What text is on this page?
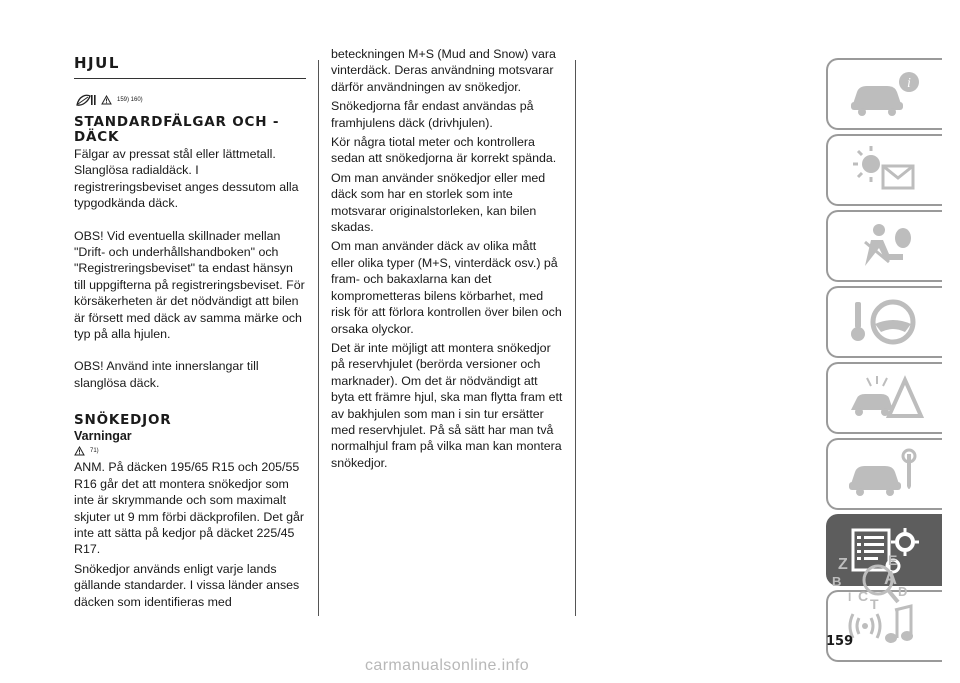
HJUL
159) 160)
STANDARDFÄLGAR OCH -DÄCK

Fälgar av pressat stål eller lättmetall. Slanglösa radialdäck. I registreringsbeviset anges dessutom alla typgodkända däck.

OBS! Vid eventuella skillnader mellan "Drift- och underhållshandboken" och "Registreringsbeviset" ta endast hänsyn till uppgifterna på registreringsbeviset. För körsäkerheten är det nödvändigt att bilen är försett med däck av samma märke och typ på alla hjulen.

OBS! Använd inte innerslangar till slanglösa däck.

SNÖKEDJOR
Varningar
71)

ANM. På däcken 195/65 R15 och 205/55 R16 går det att montera snökedjor som inte är skrymmande och som maximalt skjuter ut 9 mm förbi däckprofilen. Det går inte att sätta på kedjor på däcket 225/45 R17.

Snökedjor används enligt varje lands gällande standarder. I vissa länder anses däcken som identifieras med

beteckningen M+S (Mud and Snow) vara vinterdäck. Deras användning motsvarar därför användningen av snökedjor.

Snökedjorna får endast användas på framhjulens däck (drivhjulen).

Kör några tiotal meter och kontrollera sedan att snökedjorna är korrekt spända.

Om man använder snökedjor eller med däck som har en storlek som inte motsvarar originalstorleken, kan bilen skadas.

Om man använder däck av olika mått eller olika typer (M+S, vinterdäck osv.) på fram- och bakaxlarna kan det komprometteras bilens körbarhet, med risk för att förlora kontrollen över bilen och orsaka olyckor.

Det är inte möjligt att montera snökedjor på reservhjulet (berörda versioner och marknader). Om det är nödvändigt att byta ett främre hjul, ska man flytta fram ett av bakhjulen som man i sin tur ersätter med reservhjulet. På så sätt har man två normalhjul fram på vilka man kan montera snökedjor.

i
Z	E
B A
C D
I T
159
carmanualsonline.info
